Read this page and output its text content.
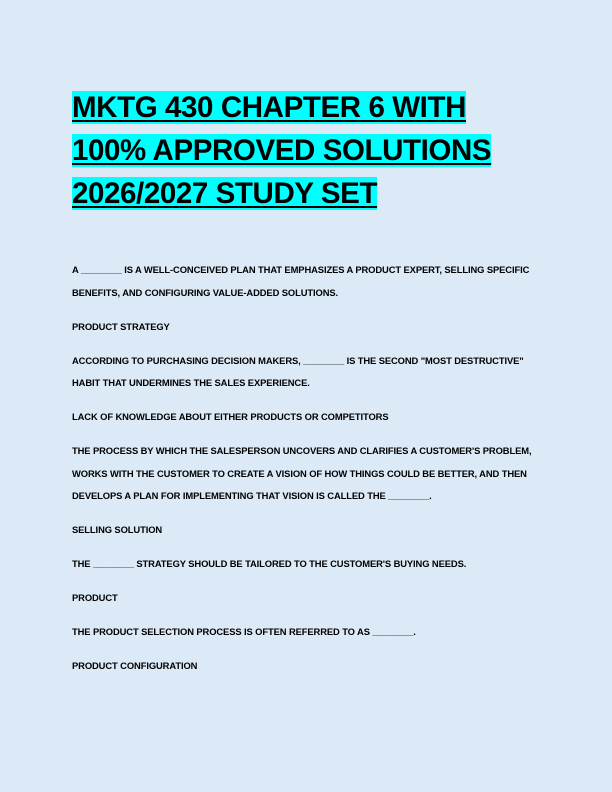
MKTG 430 CHAPTER 6 WITH 100% APPROVED SOLUTIONS 2026/2027 STUDY SET

A ________ IS A WELL-CONCEIVED PLAN THAT EMPHASIZES A PRODUCT EXPERT, SELLING SPECIFIC BENEFITS, AND CONFIGURING VALUE-ADDED SOLUTIONS.

PRODUCT STRATEGY

ACCORDING TO PURCHASING DECISION MAKERS, ________ IS THE SECOND "MOST DESTRUCTIVE" HABIT THAT UNDERMINES THE SALES EXPERIENCE.

LACK OF KNOWLEDGE ABOUT EITHER PRODUCTS OR COMPETITORS

THE PROCESS BY WHICH THE SALESPERSON UNCOVERS AND CLARIFIES A CUSTOMER'S PROBLEM, WORKS WITH THE CUSTOMER TO CREATE A VISION OF HOW THINGS COULD BE BETTER, AND THEN DEVELOPS A PLAN FOR IMPLEMENTING THAT VISION IS CALLED THE ________.

SELLING SOLUTION

THE ________ STRATEGY SHOULD BE TAILORED TO THE CUSTOMER'S BUYING NEEDS.

PRODUCT

THE PRODUCT SELECTION PROCESS IS OFTEN REFERRED TO AS ________.

PRODUCT CONFIGURATION
